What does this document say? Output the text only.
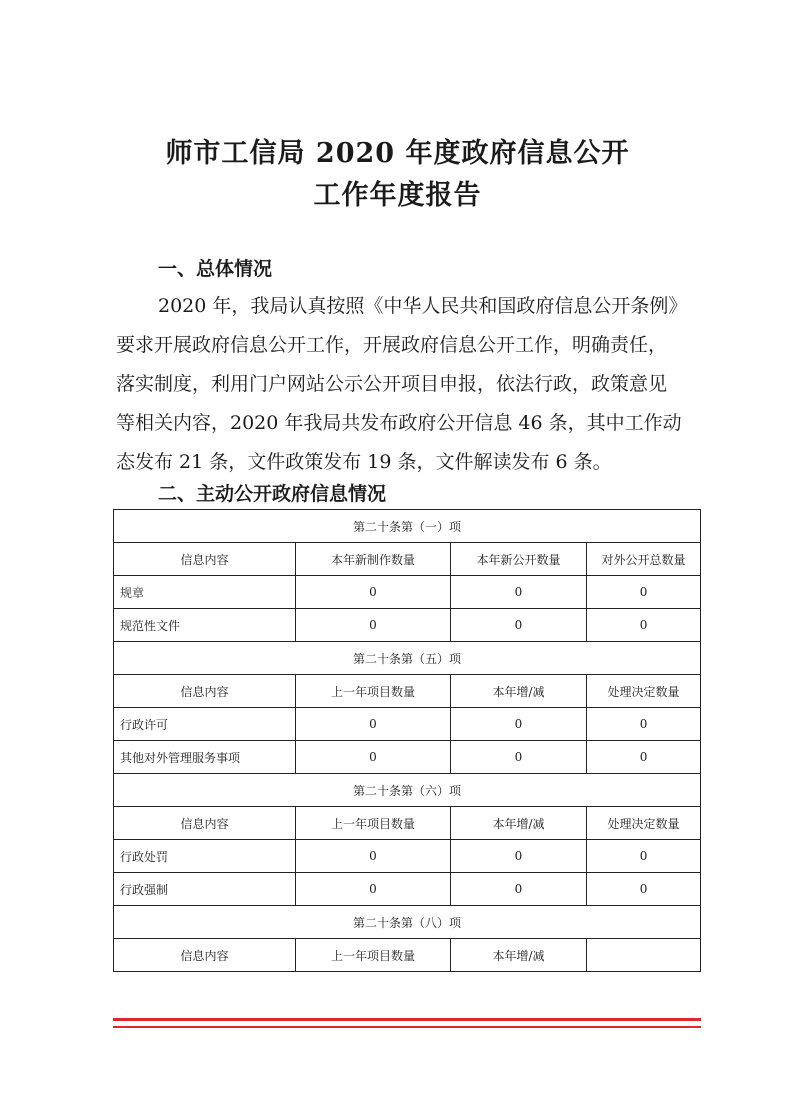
师市工信局 2020 年度政府信息公开
工作年度报告
一、总体情况
2020 年，我局认真按照《中华人民共和国政府信息公开条例》
要求开展政府信息公开工作，开展政府信息公开工作，明确责任，
落实制度，利用门户网站公示公开项目申报，依法行政，政策意见
等相关内容，2020 年我局共发布政府公开信息 46 条，其中工作动
态发布 21 条，文件政策发布 19 条，文件解读发布 6 条。
二、主动公开政府信息情况
第二十条第（一）项			
信息内容	本年新制作数量	本年新公开数量	对外公开总数量
规章	0	0	0
规范性文件	0	0	0
第二十条第（五）项			
信息内容	上一年项目数量	本年增/减	处理决定数量
行政许可	0	0	0
其他对外管理服务事项	0	0	0
第二十条第（六）项			
信息内容	上一年项目数量	本年增/减	处理决定数量
行政处罚	0	0	0
行政强制	0	0	0
第二十条第（八）项			
信息内容	上一年项目数量	本年增/减	
